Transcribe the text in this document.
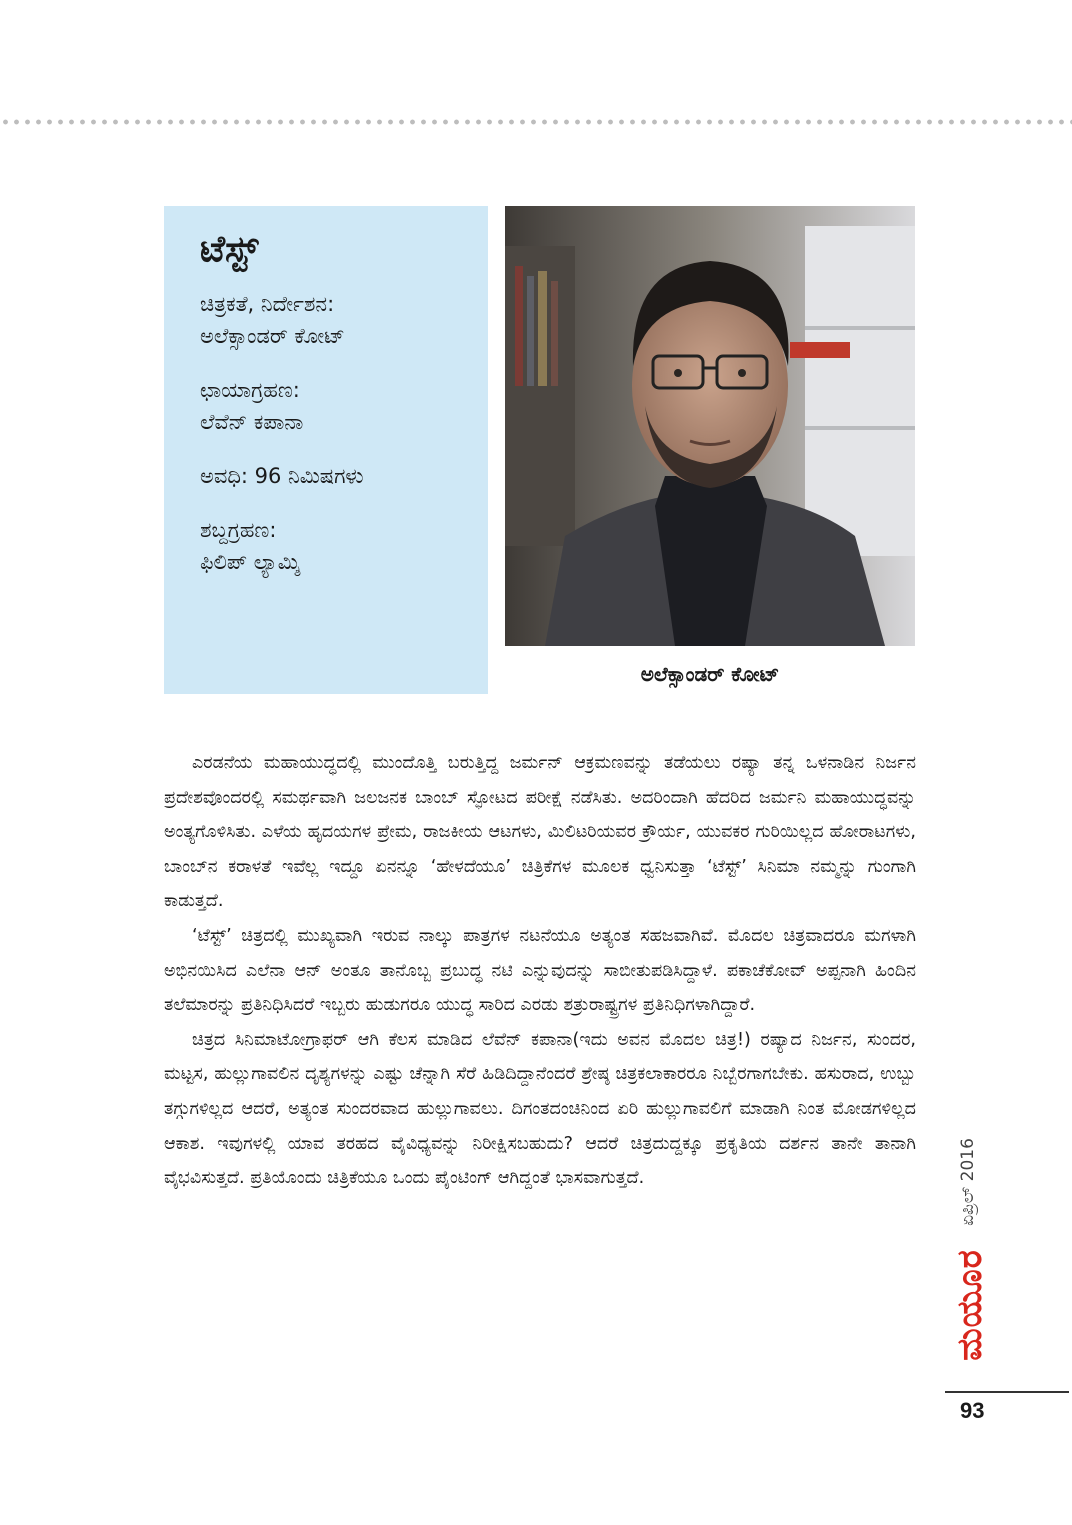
ಟೆಸ್ಟ್
ಚಿತ್ರಕತೆ, ನಿರ್ದೇಶನ:
ಅಲೆಕ್ಸಾಂಡರ್ ಕೋಟ್
ಛಾಯಾಗ್ರಹಣ:
ಲೆವೆನ್ ಕಪಾನಾ
ಅವಧಿ: 96 ನಿಮಿಷಗಳು
ಶಬ್ದಗ್ರಹಣ:
ಫಿಲಿಪ್ ಲ್ಯಾಮ್ಶಿ
ಅಲೆಕ್ಸಾಂಡರ್ ಕೋಟ್

ಎರಡನೆಯ ಮಹಾಯುದ್ಧದಲ್ಲಿ ಮುಂದೊತ್ತಿ ಬರುತ್ತಿದ್ದ ಜರ್ಮನ್ ಆಕ್ರಮಣವನ್ನು ತಡೆಯಲು ರಷ್ಯಾ ತನ್ನ ಒಳನಾಡಿನ ನಿರ್ಜನ ಪ್ರದೇಶವೊಂದರಲ್ಲಿ ಸಮರ್ಥವಾಗಿ ಜಲಜನಕ ಬಾಂಬ್ ಸ್ಫೋಟದ ಪರೀಕ್ಷೆ ನಡೆಸಿತು. ಅದರಿಂದಾಗಿ ಹೆದರಿದ ಜರ್ಮನಿ ಮಹಾಯುದ್ಧವನ್ನು ಅಂತ್ಯಗೊಳಿಸಿತು. ಎಳೆಯ ಹೃದಯಗಳ ಪ್ರೇಮ, ರಾಜಕೀಯ ಆಟಗಳು, ಮಿಲಿಟರಿಯವರ ಕ್ರೌರ್ಯ, ಯುವಕರ ಗುರಿಯಿಲ್ಲದ ಹೋರಾಟಗಳು, ಬಾಂಬ್‌ನ ಕರಾಳತೆ ಇವೆಲ್ಲ ಇದ್ದೂ ಏನನ್ನೂ ‘ಹೇಳದೆಯೂ’ ಚಿತ್ರಿಕೆಗಳ ಮೂಲಕ ಧ್ವನಿಸುತ್ತಾ ‘ಟೆಸ್ಟ್’ ಸಿನಿಮಾ ನಮ್ಮನ್ನು ಗುಂಗಾಗಿ ಕಾಡುತ್ತದೆ.

‘ಟೆಸ್ಟ್’ ಚಿತ್ರದಲ್ಲಿ ಮುಖ್ಯವಾಗಿ ಇರುವ ನಾಲ್ಕು ಪಾತ್ರಗಳ ನಟನೆಯೂ ಅತ್ಯಂತ ಸಹಜವಾಗಿವೆ. ಮೊದಲ ಚಿತ್ರವಾದರೂ ಮಗಳಾಗಿ ಅಭಿನಯಿಸಿದ ಎಲೆನಾ ಆನ್ ಅಂತೂ ತಾನೊಬ್ಬ ಪ್ರಬುದ್ಧ ನಟಿ ಎನ್ನುವುದನ್ನು ಸಾಬೀತುಪಡಿಸಿದ್ದಾಳೆ. ಪಕಾಚೆಕೋವ್ ಅಪ್ಪನಾಗಿ ಹಿಂದಿನ ತಲೆಮಾರನ್ನು ಪ್ರತಿನಿಧಿಸಿದರೆ ಇಬ್ಬರು ಹುಡುಗರೂ ಯುದ್ಧ ಸಾರಿದ ಎರಡು ಶತ್ರುರಾಷ್ಟ್ರಗಳ ಪ್ರತಿನಿಧಿಗಳಾಗಿದ್ದಾರೆ.

ಚಿತ್ರದ ಸಿನಿಮಾಟೋಗ್ರಾಫರ್ ಆಗಿ ಕೆಲಸ ಮಾಡಿದ ಲೆವೆನ್ ಕಪಾನಾ(ಇದು ಅವನ ಮೊದಲ ಚಿತ್ರ!) ರಷ್ಯಾದ ನಿರ್ಜನ, ಸುಂದರ, ಮಟ್ಟಸ, ಹುಲ್ಲುಗಾವಲಿನ ದೃಶ್ಯಗಳನ್ನು ಎಷ್ಟು ಚೆನ್ನಾಗಿ ಸೆರೆ ಹಿಡಿದಿದ್ದಾನೆಂದರೆ ಶ್ರೇಷ್ಠ ಚಿತ್ರಕಲಾಕಾರರೂ ನಿಬ್ಬೆರಗಾಗಬೇಕು. ಹಸುರಾದ, ಉಬ್ಬು ತಗ್ಗುಗಳಿಲ್ಲದ ಆದರೆ, ಅತ್ಯಂತ ಸುಂದರವಾದ ಹುಲ್ಲುಗಾವಲು. ದಿಗಂತದಂಚಿನಿಂದ ಏರಿ ಹುಲ್ಲುಗಾವಲಿಗೆ ಮಾಡಾಗಿ ನಿಂತ ಮೋಡಗಳಿಲ್ಲದ ಆಕಾಶ. ಇವುಗಳಲ್ಲಿ ಯಾವ ತರಹದ ವೈವಿಧ್ಯವನ್ನು ನಿರೀಕ್ಷಿಸಬಹುದು? ಆದರೆ ಚಿತ್ರದುದ್ದಕ್ಕೂ ಪ್ರಕೃತಿಯ ದರ್ಶನ ತಾನೇ ತಾನಾಗಿ ವೈಭವಿಸುತ್ತದೆ. ಪ್ರತಿಯೊಂದು ಚಿತ್ರಿಕೆಯೂ ಒಂದು ಪೈಂಟಿಂಗ್ ಆಗಿದ್ದಂತೆ ಭಾಸವಾಗುತ್ತದೆ.	ಏಪ್ರಿಲ್ 2016
ಮಯೂರ
93
